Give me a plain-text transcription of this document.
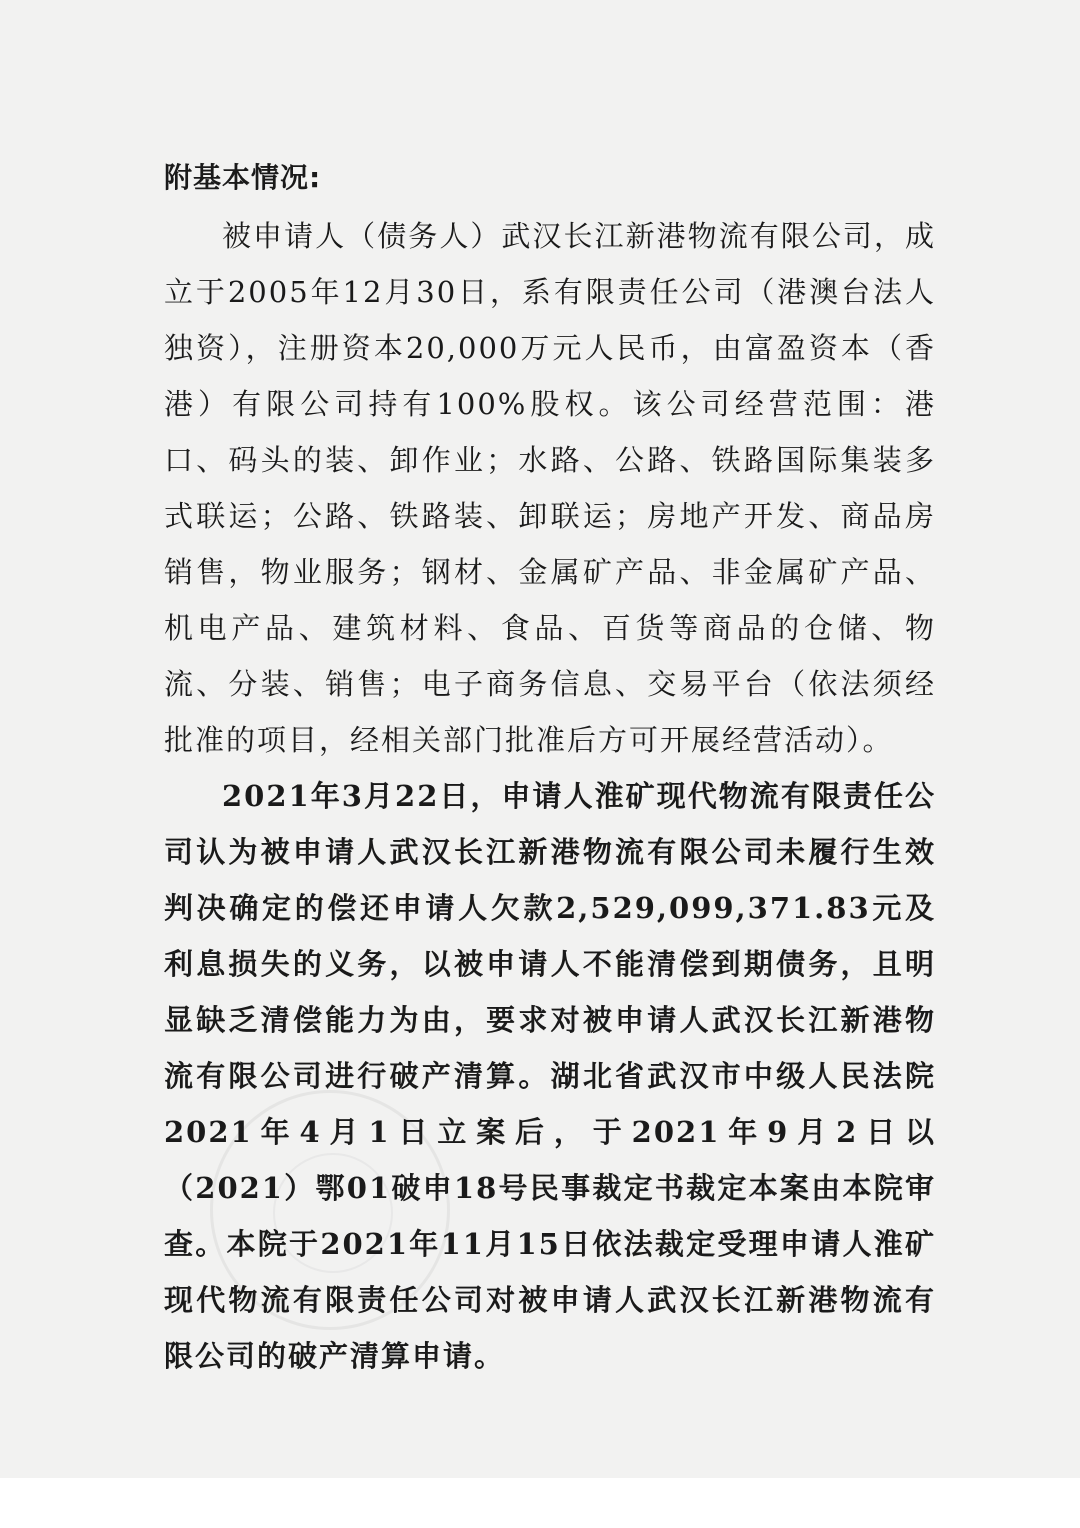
附基本情况:

被申请人（债务人）武汉长江新港物流有限公司，成立于2005年12月30日，系有限责任公司（港澳台法人独资），注册资本20,000万元人民币，由富盈资本（香港）有限公司持有100%股权。该公司经营范围：港口、码头的装、卸作业；水路、公路、铁路国际集装多式联运；公路、铁路装、卸联运；房地产开发、商品房销售，物业服务；钢材、金属矿产品、非金属矿产品、机电产品、建筑材料、食品、百货等商品的仓储、物流、分装、销售；电子商务信息、交易平台（依法须经批准的项目，经相关部门批准后方可开展经营活动）。

2021年3月22日，申请人淮矿现代物流有限责任公司认为被申请人武汉长江新港物流有限公司未履行生效判决确定的偿还申请人欠款2,529,099,371.83元及利息损失的义务，以被申请人不能清偿到期债务，且明显缺乏清偿能力为由，要求对被申请人武汉长江新港物流有限公司进行破产清算。湖北省武汉市中级人民法院2021年4月1日立案后，于2021年9月2日以（2021）鄂01破申18号民事裁定书裁定本案由本院审查。本院于2021年11月15日依法裁定受理申请人淮矿现代物流有限责任公司对被申请人武汉长江新港物流有限公司的破产清算申请。
